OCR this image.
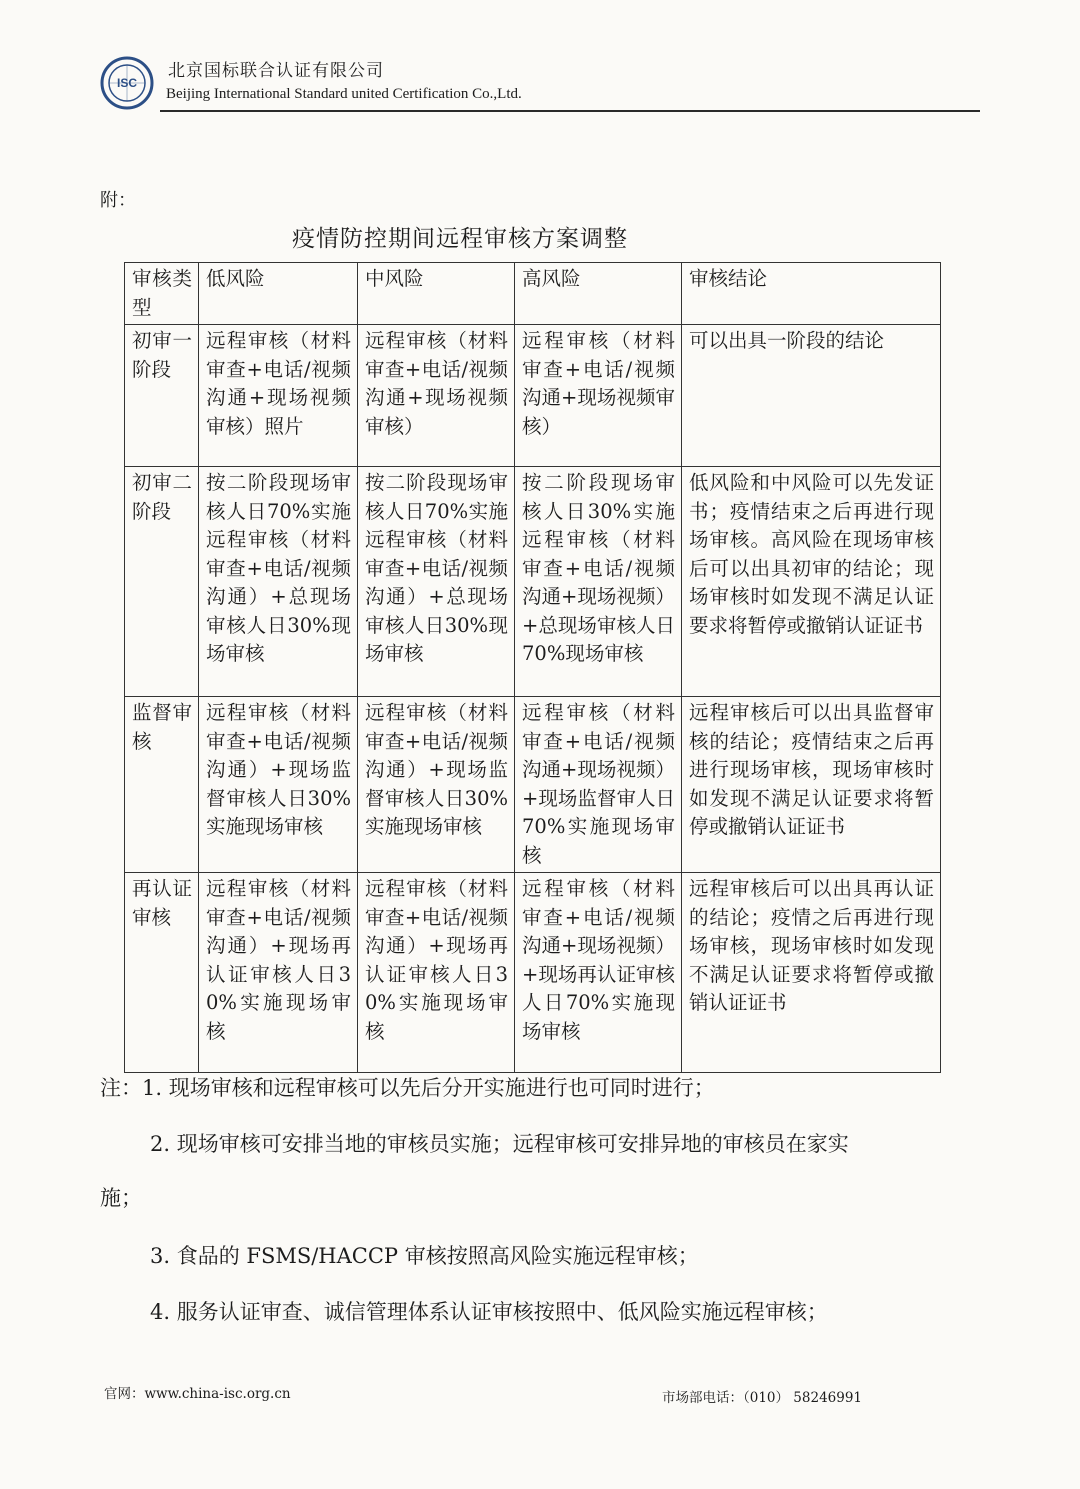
ISC
北京国标联合认证有限公司
Beijing International Standard united Certification Co.,Ltd.
附：
疫情防控期间远程审核方案调整
审核类型	低风险	中风险	高风险	审核结论
初审一阶段	远程审核（材料审查+电话/视频沟通+现场视频审核）照片	远程审核（材料审查+电话/视频沟通+现场视频审核）	远程审核（材料审查+电话/视频沟通+现场视频审核）	可以出具一阶段的结论
初审二阶段	按二阶段现场审核人日70%实施远程审核（材料审查+电话/视频沟通）+总现场审核人日30%现场审核	按二阶段现场审核人日70%实施远程审核（材料审查+电话/视频沟通）+总现场审核人日30%现场审核	按二阶段现场审核人日30%实施远程审核（材料审查+电话/视频沟通+现场视频）+总现场审核人日70%现场审核	低风险和中风险可以先发证书；疫情结束之后再进行现场审核。高风险在现场审核后可以出具初审的结论；现场审核时如发现不满足认证要求将暂停或撤销认证证书
监督审核	远程审核（材料审查+电话/视频沟通）+现场监督审核人日30%实施现场审核	远程审核（材料审查+电话/视频沟通）+现场监督审核人日30%实施现场审核	远程审核（材料审查+电话/视频沟通+现场视频）+现场监督审人日70%实施现场审核	远程审核后可以出具监督审核的结论；疫情结束之后再进行现场审核，现场审核时如发现不满足认证要求将暂停或撤销认证证书
再认证审核	远程审核（材料审查+电话/视频沟通）+现场再认证审核人日30%实施现场审核	远程审核（材料审查+电话/视频沟通）+现场再认证审核人日30%实施现场审核	远程审核（材料审查+电话/视频沟通+现场视频）+现场再认证审核人日70%实施现场审核	远程审核后可以出具再认证的结论；疫情之后再进行现场审核，现场审核时如发现不满足认证要求将暂停或撤销认证证书
注：1. 现场审核和远程审核可以先后分开实施进行也可同时进行；
2. 现场审核可安排当地的审核员实施；远程审核可安排异地的审核员在家实
施；
3. 食品的 FSMS/HACCP 审核按照高风险实施远程审核；
4. 服务认证审查、诚信管理体系认证审核按照中、低风险实施远程审核；
官网：www.china-isc.org.cn	市场部电话：（010） 58246991
